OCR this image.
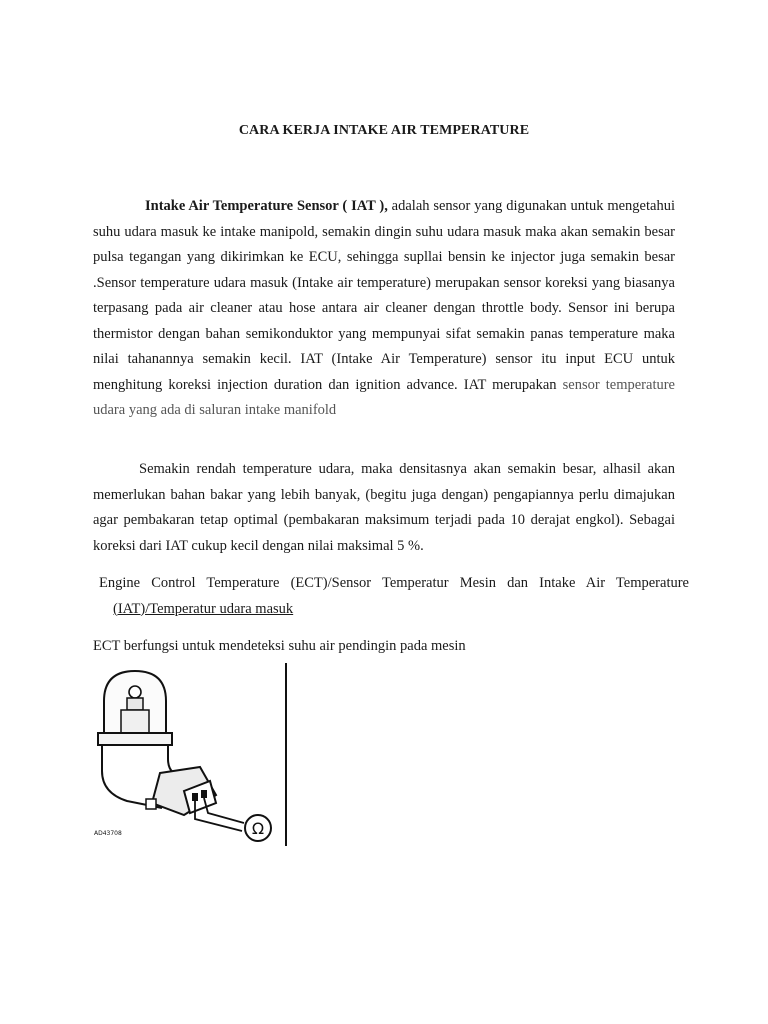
CARA KERJA INTAKE AIR TEMPERATURE

Intake Air Temperature Sensor ( IAT ), adalah sensor yang digunakan untuk mengetahui suhu udara masuk ke intake manipold, semakin dingin suhu udara masuk maka akan semakin besar pulsa tegangan yang dikirimkan ke ECU, sehingga supllai bensin ke injector juga semakin besar .Sensor temperature udara masuk (Intake air temperature) merupakan sensor koreksi yang biasanya terpasang pada air cleaner atau hose antara air cleaner dengan throttle body. Sensor ini berupa thermistor dengan bahan semikonduktor yang mempunyai sifat semakin panas temperature maka nilai tahanannya semakin kecil. IAT (Intake Air Temperature) sensor itu input ECU untuk menghitung koreksi injection duration dan ignition advance. IAT merupakan sensor temperature udara yang ada di saluran intake manifold

Semakin rendah temperature udara, maka densitasnya akan semakin besar, alhasil akan memerlukan bahan bakar yang lebih banyak, (begitu juga dengan) pengapiannya perlu dimajukan agar pembakaran tetap optimal (pembakaran maksimum terjadi pada 10 derajat engkol). Sebagai koreksi dari IAT cukup kecil dengan nilai maksimal 5 %.

Engine Control Temperature (ECT)/Sensor Temperatur Mesin dan Intake Air Temperature (IAT)/Temperatur udara masuk

ECT berfungsi untuk mendeteksi suhu air pendingin pada mesin
Ω
AD43708
